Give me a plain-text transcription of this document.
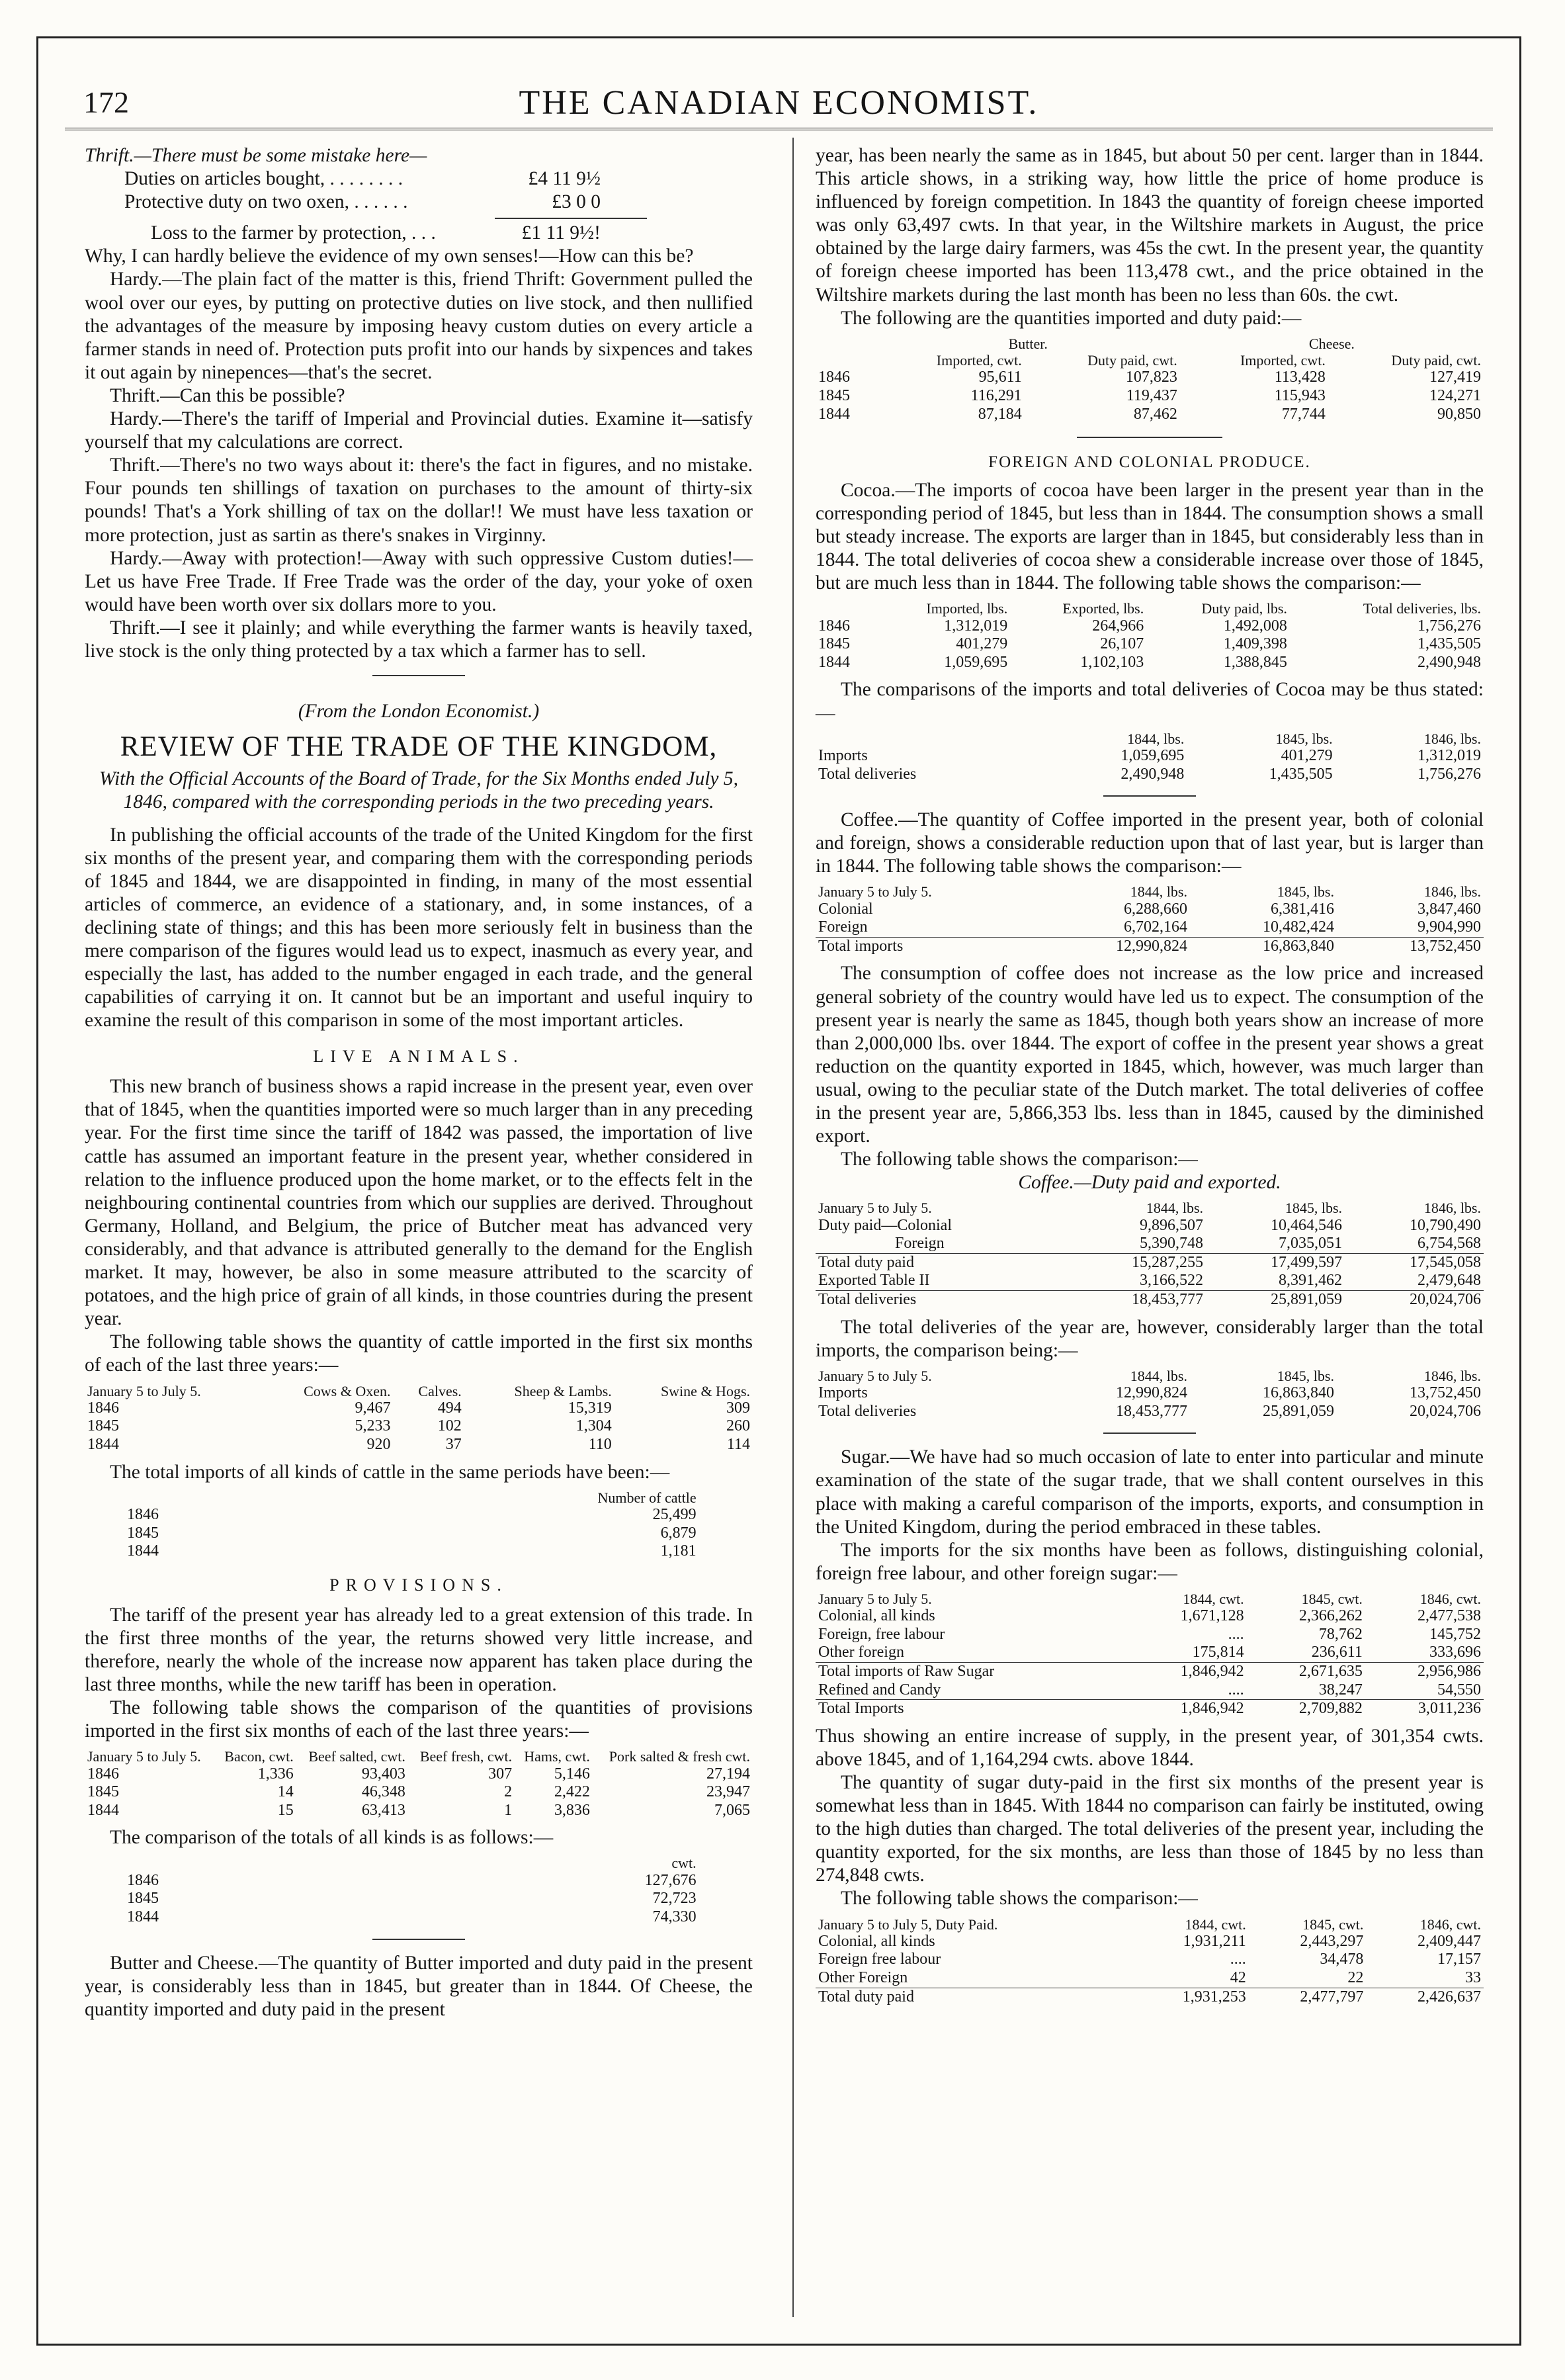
172	THE CANADIAN ECONOMIST.

Thrift.—There must be some mistake here—

Duties on articles bought, . . . . . . . .	£4 11 9½
Protective duty on two oxen, . . . . . .	£3 0 0
Loss to the farmer by protection, . . .	£1 11 9½!

Why, I can hardly believe the evidence of my own senses!—How can this be?

Hardy.—The plain fact of the matter is this, friend Thrift: Government pulled the wool over our eyes, by putting on protective duties on live stock, and then nullified the advantages of the measure by imposing heavy custom duties on every article a farmer stands in need of. Protection puts profit into our hands by sixpences and takes it out again by ninepences—that's the secret.

Thrift.—Can this be possible?

Hardy.—There's the tariff of Imperial and Provincial duties. Examine it—satisfy yourself that my calculations are correct.

Thrift.—There's no two ways about it: there's the fact in figures, and no mistake. Four pounds ten shillings of taxation on purchases to the amount of thirty-six pounds! That's a York shilling of tax on the dollar!! We must have less taxation or more protection, just as sartin as there's snakes in Virginny.

Hardy.—Away with protection!—Away with such oppressive Custom duties!—Let us have Free Trade. If Free Trade was the order of the day, your yoke of oxen would have been worth over six dollars more to you.

Thrift.—I see it plainly; and while everything the farmer wants is heavily taxed, live stock is the only thing protected by a tax which a farmer has to sell.

(From the London Economist.)

REVIEW OF THE TRADE OF THE KINGDOM,

With the Official Accounts of the Board of Trade, for the Six Months ended July 5, 1846, compared with the corresponding periods in the two preceding years.

In publishing the official accounts of the trade of the United Kingdom for the first six months of the present year, and comparing them with the corresponding periods of 1845 and 1844, we are disappointed in finding, in many of the most essential articles of commerce, an evidence of a stationary, and, in some instances, of a declining state of things; and this has been more seriously felt in business than the mere comparison of the figures would lead us to expect, inasmuch as every year, and especially the last, has added to the number engaged in each trade, and the general capabilities of carrying it on. It cannot but be an important and useful inquiry to examine the result of this comparison in some of the most important articles.

LIVE ANIMALS.

This new branch of business shows a rapid increase in the present year, even over that of 1845, when the quantities imported were so much larger than in any preceding year. For the first time since the tariff of 1842 was passed, the importation of live cattle has assumed an important feature in the present year, whether considered in relation to the influence produced upon the home market, or to the effects felt in the neighbouring continental countries from which our supplies are derived. Throughout Germany, Holland, and Belgium, the price of Butcher meat has advanced very considerably, and that advance is attributed generally to the demand for the English market. It may, however, be also in some measure attributed to the scarcity of potatoes, and the high price of grain of all kinds, in those countries during the present year.

The following table shows the quantity of cattle imported in the first six months of each of the last three years:—

January 5 to July 5.	Cows & Oxen.	Calves.	Sheep & Lambs.	Swine & Hogs.
1846	9,467	494	15,319	309
1845	5,233	102	1,304	260
1844	920	37	110	114

The total imports of all kinds of cattle in the same periods have been:—

	Number of cattle
1846	25,499
1845	6,879
1844	1,181
PROVISIONS.

The tariff of the present year has already led to a great extension of this trade. In the first three months of the year, the returns showed very little increase, and therefore, nearly the whole of the increase now apparent has taken place during the last three months, while the new tariff has been in operation.

The following table shows the comparison of the quantities of provisions imported in the first six months of each of the last three years:—

January 5 to July 5.	Bacon, cwt.	Beef salted, cwt.	Beef fresh, cwt.	Hams, cwt.	Pork salted & fresh cwt.
1846	1,336	93,403	307	5,146	27,194
1845	14	46,348	2	2,422	23,947
1844	15	63,413	1	3,836	7,065

The comparison of the totals of all kinds is as follows:—

	cwt.
1846	127,676
1845	72,723
1844	74,330

Butter and Cheese.—The quantity of Butter imported and duty paid in the present year, is considerably less than in 1845, but greater than in 1844. Of Cheese, the quantity imported and duty paid in the present

year, has been nearly the same as in 1845, but about 50 per cent. larger than in 1844. This article shows, in a striking way, how little the price of home produce is influenced by foreign competition. In 1843 the quantity of foreign cheese imported was only 63,497 cwts. In that year, in the Wiltshire markets in August, the price obtained by the large dairy farmers, was 45s the cwt. In the present year, the quantity of foreign cheese imported has been 113,478 cwt., and the price obtained in the Wiltshire markets during the last month has been no less than 60s. the cwt.

The following are the quantities imported and duty paid:—

	Butter.		Cheese.	
	Imported, cwt.	Duty paid, cwt.	Imported, cwt.	Duty paid, cwt.
1846	95,611	107,823	113,428	127,419
1845	116,291	119,437	115,943	124,271
1844	87,184	87,462	77,744	90,850
FOREIGN AND COLONIAL PRODUCE.

Cocoa.—The imports of cocoa have been larger in the present year than in the corresponding period of 1845, but less than in 1844. The consumption shows a small but steady increase. The exports are larger than in 1845, but considerably less than in 1844. The total deliveries of cocoa shew a considerable increase over those of 1845, but are much less than in 1844. The following table shows the comparison:—

	Imported, lbs.	Exported, lbs.	Duty paid, lbs.	Total deliveries, lbs.
1846	1,312,019	264,966	1,492,008	1,756,276
1845	401,279	26,107	1,409,398	1,435,505
1844	1,059,695	1,102,103	1,388,845	2,490,948

The comparisons of the imports and total deliveries of Cocoa may be thus stated:—

	1844, lbs.	1845, lbs.	1846, lbs.
Imports	1,059,695	401,279	1,312,019
Total deliveries	2,490,948	1,435,505	1,756,276

Coffee.—The quantity of Coffee imported in the present year, both of colonial and foreign, shows a considerable reduction upon that of last year, but is larger than in 1844. The following table shows the comparison:—

January 5 to July 5.	1844, lbs.	1845, lbs.	1846, lbs.
Colonial	6,288,660	6,381,416	3,847,460
Foreign	6,702,164	10,482,424	9,904,990
Total imports	12,990,824	16,863,840	13,752,450

The consumption of coffee does not increase as the low price and increased general sobriety of the country would have led us to expect. The consumption of the present year is nearly the same as 1845, though both years show an increase of more than 2,000,000 lbs. over 1844. The export of coffee in the present year shows a great reduction on the quantity exported in 1845, which, however, was much larger than usual, owing to the peculiar state of the Dutch market. The total deliveries of coffee in the present year are, 5,866,353 lbs. less than in 1845, caused by the diminished export.

The following table shows the comparison:—

Coffee.—Duty paid and exported.

January 5 to July 5.	1844, lbs.	1845, lbs.	1846, lbs.
Duty paid—Colonial	9,896,507	10,464,546	10,790,490
Foreign	5,390,748	7,035,051	6,754,568
Total duty paid	15,287,255	17,499,597	17,545,058
Exported Table II	3,166,522	8,391,462	2,479,648
Total deliveries	18,453,777	25,891,059	20,024,706

The total deliveries of the year are, however, considerably larger than the total imports, the comparison being:—

January 5 to July 5.	1844, lbs.	1845, lbs.	1846, lbs.
Imports	12,990,824	16,863,840	13,752,450
Total deliveries	18,453,777	25,891,059	20,024,706

Sugar.—We have had so much occasion of late to enter into particular and minute examination of the state of the sugar trade, that we shall content ourselves in this place with making a careful comparison of the imports, exports, and consumption in the United Kingdom, during the period embraced in these tables.

The imports for the six months have been as follows, distinguishing colonial, foreign free labour, and other foreign sugar:—

January 5 to July 5.	1844, cwt.	1845, cwt.	1846, cwt.
Colonial, all kinds	1,671,128	2,366,262	2,477,538
Foreign, free labour	....	78,762	145,752
Other foreign	175,814	236,611	333,696
Total imports of Raw Sugar	1,846,942	2,671,635	2,956,986
Refined and Candy	....	38,247	54,550
Total Imports	1,846,942	2,709,882	3,011,236

Thus showing an entire increase of supply, in the present year, of 301,354 cwts. above 1845, and of 1,164,294 cwts. above 1844.

The quantity of sugar duty-paid in the first six months of the present year is somewhat less than in 1845. With 1844 no comparison can fairly be instituted, owing to the high duties than charged. The total deliveries of the present year, including the quantity exported, for the six months, are less than those of 1845 by no less than 274,848 cwts.

The following table shows the comparison:—

January 5 to July 5, Duty Paid.	1844, cwt.	1845, cwt.	1846, cwt.
Colonial, all kinds	1,931,211	2,443,297	2,409,447
Foreign free labour	....	34,478	17,157
Other Foreign	42	22	33
Total duty paid	1,931,253	2,477,797	2,426,637
